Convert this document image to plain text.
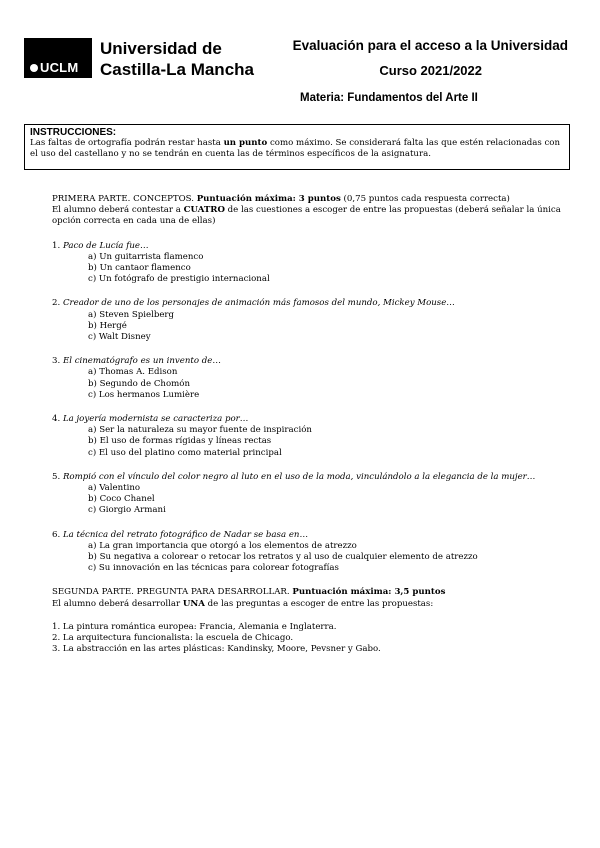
UCLM
Universidad de
Castilla-La Mancha
Evaluación para el acceso a la Universidad
Curso 2021/2022
Materia: Fundamentos del Arte II
INSTRUCCIONES:
Las faltas de ortografía podrán restar hasta un punto como máximo. Se considerará falta las que estén relacionadas con el uso del castellano y no se tendrán en cuenta las de términos específicos de la asignatura.

PRIMERA PARTE. CONCEPTOS. Puntuación máxima: 3 puntos (0,75 puntos cada respuesta correcta)

El alumno deberá contestar a CUATRO de las cuestiones a escoger de entre las propuestas (deberá señalar la única opción correcta en cada una de ellas)

1. Paco de Lucía fue…

a) Un guitarrista flamenco

b) Un cantaor flamenco

c) Un fotógrafo de prestigio internacional

2. Creador de uno de los personajes de animación más famosos del mundo, Mickey Mouse…

a) Steven Spielberg

b) Hergé

c) Walt Disney

3. El cinematógrafo es un invento de…

a) Thomas A. Edison

b) Segundo de Chomón

c) Los hermanos Lumière

4. La joyería modernista se caracteriza por…

a) Ser la naturaleza su mayor fuente de inspiración

b) El uso de formas rígidas y líneas rectas

c) El uso del platino como material principal

5. Rompió con el vínculo del color negro al luto en el uso de la moda, vinculándolo a la elegancia de la mujer…

a) Valentino

b) Coco Chanel

c) Giorgio Armani

6. La técnica del retrato fotográfico de Nadar se basa en…

a) La gran importancia que otorgó a los elementos de atrezzo

b) Su negativa a colorear o retocar los retratos y al uso de cualquier elemento de atrezzo

c) Su innovación en las técnicas para colorear fotografías

SEGUNDA PARTE. PREGUNTA PARA DESARROLLAR. Puntuación máxima: 3,5 puntos

El alumno deberá desarrollar UNA de las preguntas a escoger de entre las propuestas:

1. La pintura romántica europea: Francia, Alemania e Inglaterra.

2. La arquitectura funcionalista: la escuela de Chicago.

3. La abstracción en las artes plásticas: Kandinsky, Moore, Pevsner y Gabo.
